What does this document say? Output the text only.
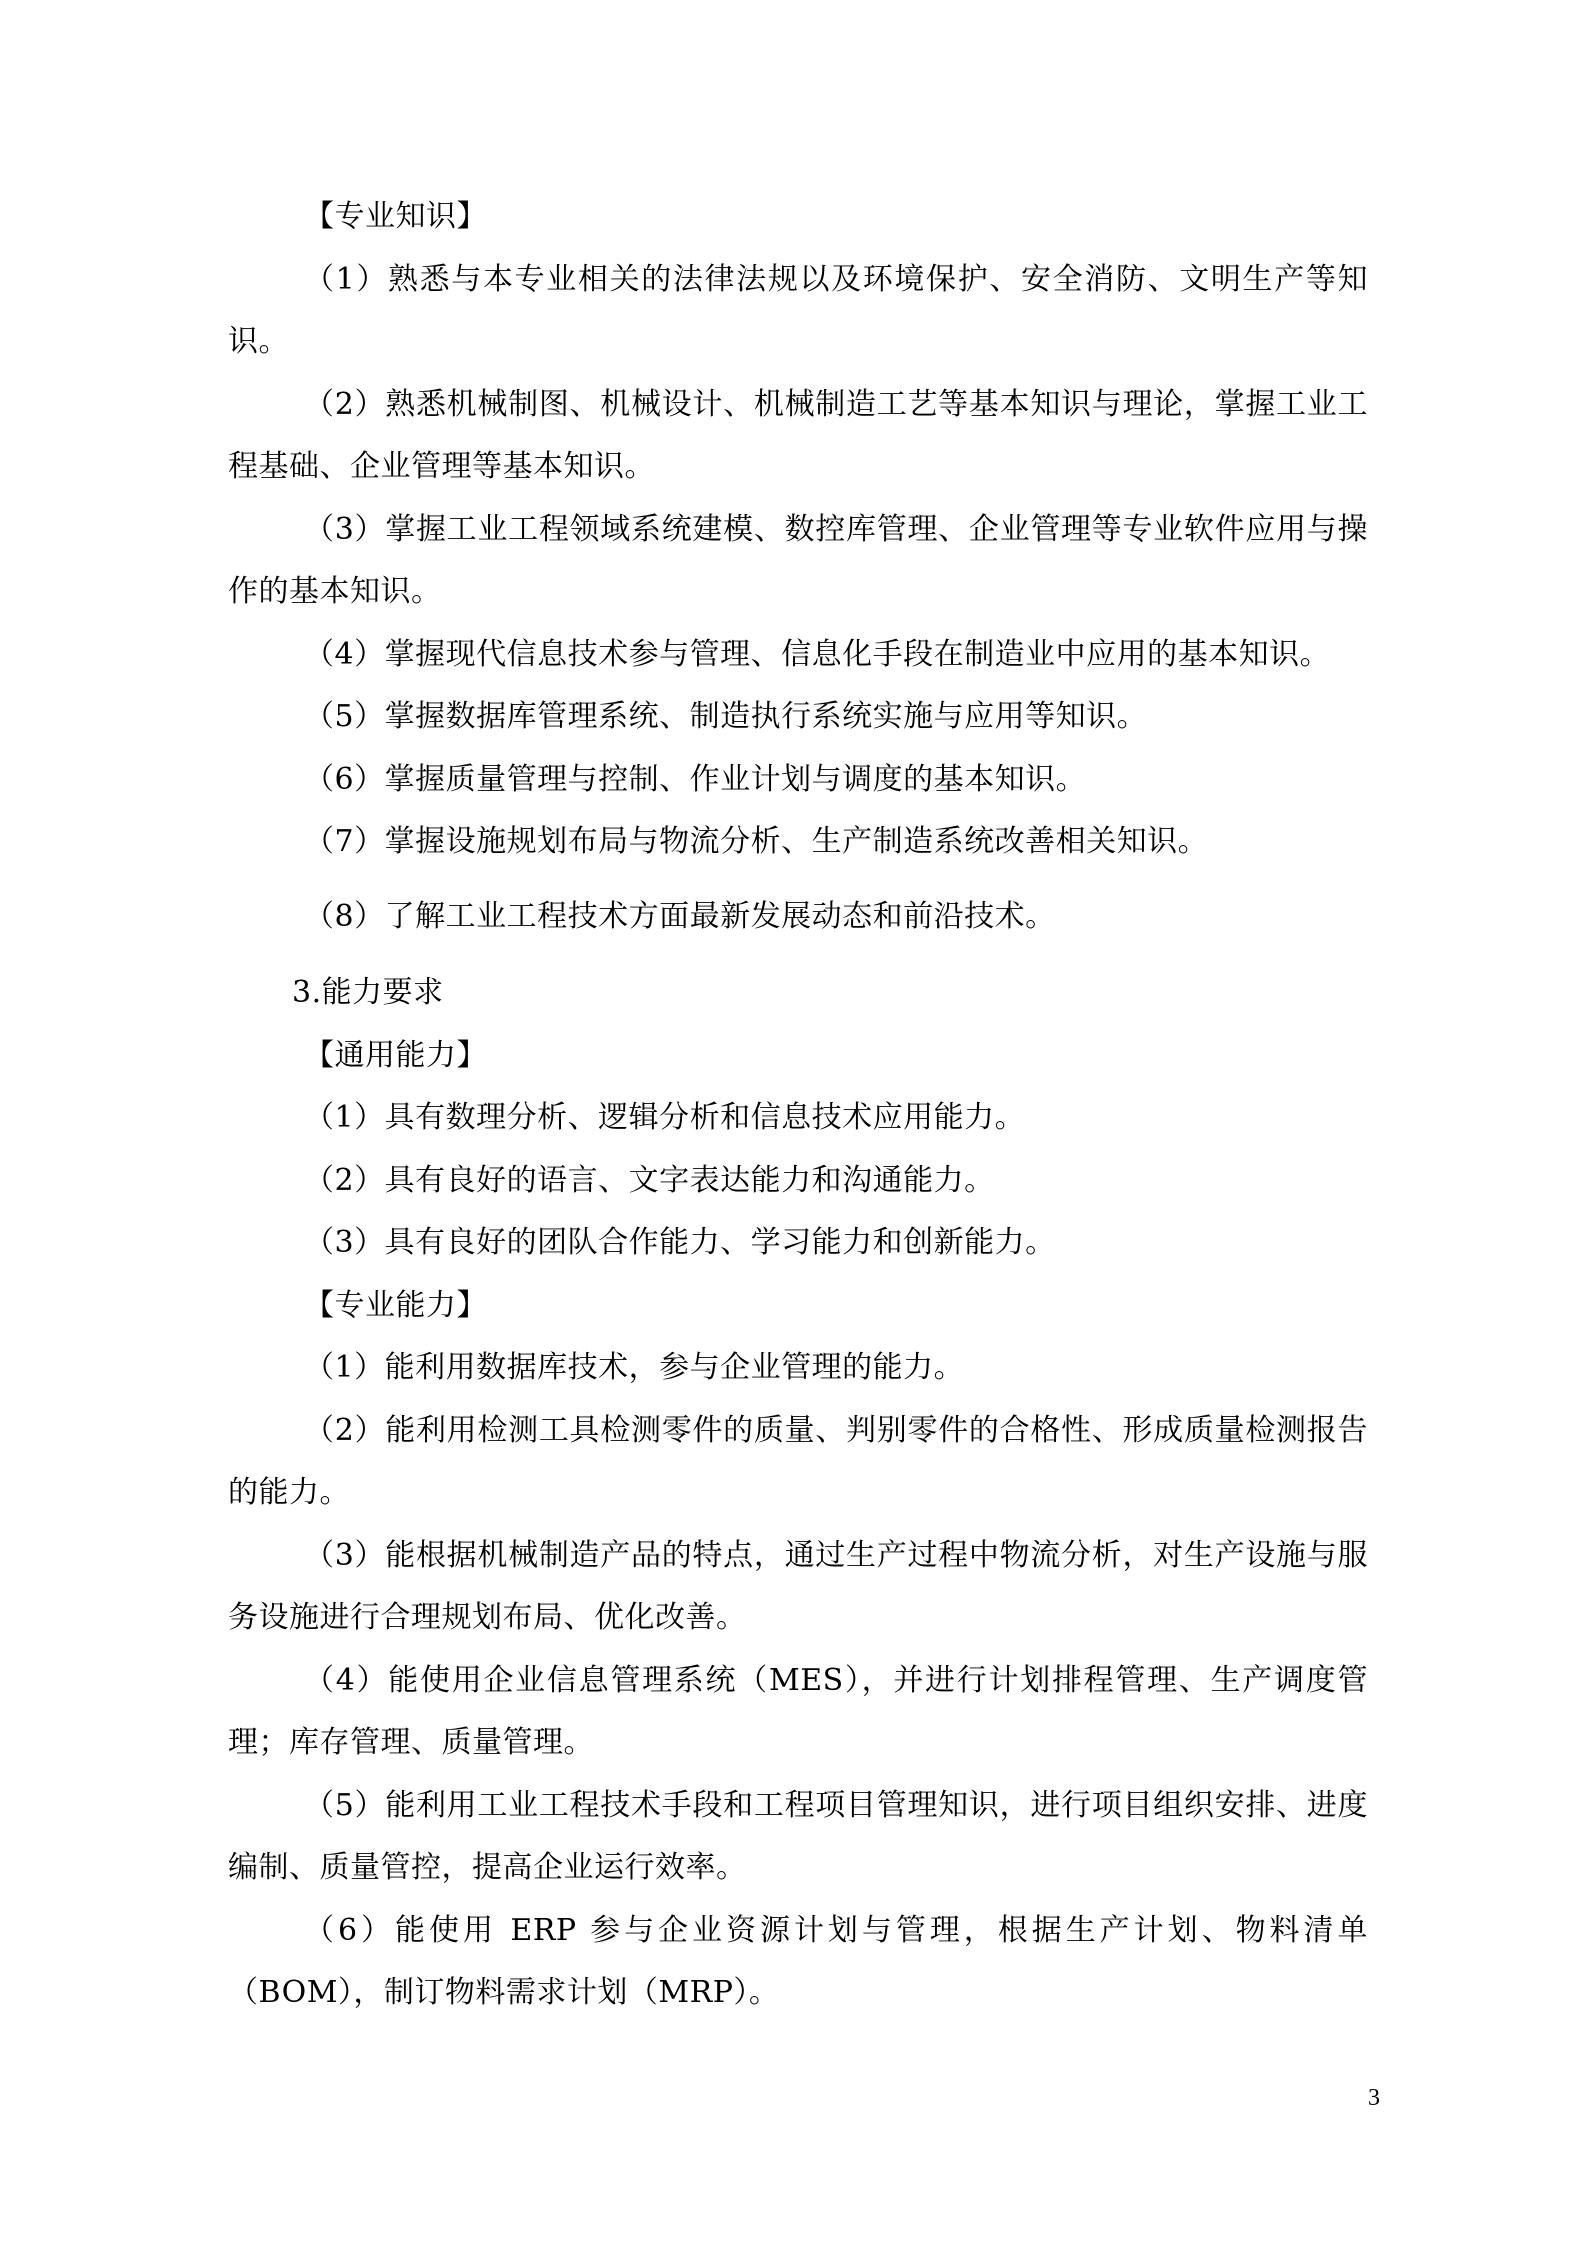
【专业知识】

（1）熟悉与本专业相关的法律法规以及环境保护、安全消防、文明生产等知识。

（2）熟悉机械制图、机械设计、机械制造工艺等基本知识与理论，掌握工业工程基础、企业管理等基本知识。

（3）掌握工业工程领域系统建模、数控库管理、企业管理等专业软件应用与操作的基本知识。

（4）掌握现代信息技术参与管理、信息化手段在制造业中应用的基本知识。

（5）掌握数据库管理系统、制造执行系统实施与应用等知识。

（6）掌握质量管理与控制、作业计划与调度的基本知识。

（7）掌握设施规划布局与物流分析、生产制造系统改善相关知识。

（8）了解工业工程技术方面最新发展动态和前沿技术。

3.能力要求

【通用能力】

（1）具有数理分析、逻辑分析和信息技术应用能力。

（2）具有良好的语言、文字表达能力和沟通能力。

（3）具有良好的团队合作能力、学习能力和创新能力。

【专业能力】

（1）能利用数据库技术，参与企业管理的能力。

（2）能利用检测工具检测零件的质量、判别零件的合格性、形成质量检测报告的能力。

（3）能根据机械制造产品的特点，通过生产过程中物流分析，对生产设施与服务设施进行合理规划布局、优化改善。

（4）能使用企业信息管理系统（MES），并进行计划排程管理、生产调度管理；库存管理、质量管理。

（5）能利用工业工程技术手段和工程项目管理知识，进行项目组织安排、进度编制、质量管控，提高企业运行效率。

（6）能使用 ERP 参与企业资源计划与管理，根据生产计划、物料清单（BOM），制订物料需求计划（MRP）。

3
